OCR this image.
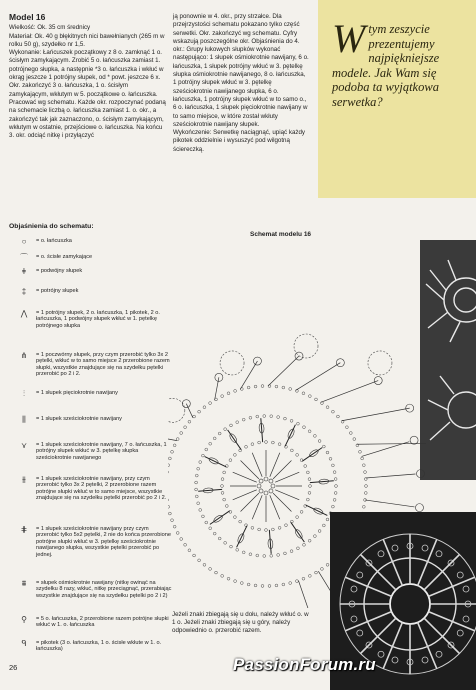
Model 16

Wielkość: Ok. 35 cm średnicy

Materiał: Ok. 40 g błękitnych nici bawełnianych (265 m w rolku 50 g), szydełko nr 1,5.

Wykonanie: Łańcuszek początkowy z 8 o. zamknąć 1 o. ścisłym zamykającym. Zrobić 5 o. łańcuszka zamiast 1. potrójnego słupka, a następnie *3 o. łańcuszka i wkłuć w okrąg jeszcze 1 potrójny słupek, od * powt. jeszcze 6 x. Okr. zakończyć 3 o. łańcuszka, 1 o. ścisłym zamykającym, wkłutym w 5. początkowe o. łańcuszka. Pracować wg schematu. Każde okr. rozpoczynać podaną na schemacie liczbą o. łańcuszka zamiast 1. o. okr., a zakończyć tak jak zaznaczono, o. ścisłym zamykającym, wkłutym w ostatnie, przejściowe o. łańcuszka. Na końcu 3. okr. odciąć nitkę i przyłączyć

ją ponownie w 4. okr., przy strzałce. Dla przejrzystości schematu pokazano tylko część serwetki. Okr. zakończyć wg schematu. Cyfry wskazują poszczególne okr. Objaśnienia do 4. okr.: Grupy łukowych słupków wykonać następująco: 1 słupek ośmiokrotnie nawijany, 6 o. łańcuszka, 1 słupek potrójny wkłuć w 3. pętelkę słupka ośmiokrotnie nawijanego, 8 o. łańcuszka, 1 potrójny słupek wkłuć w 3. pętelkę sześciokrotnie nawijanego słupka, 6 o. łańcuszka, 1 potrójny słupek wkłuć w to samo o., 6 o. łańcuszka, 1 słupek pięciokrotnie nawijany w to samo miejsce, w które został wkłuty sześciokrotnie nawijany słupek.

Wykończenie: Serwetkę naciągnąć, upiąć każdy pikotek oddzielnie i wysuszyć pod wilgotną ściereczką.

W tym zeszycie prezentujemy najpiękniejsze modele. Jak Wam się podoba ta wyjątkowa serwetka?
Objaśnienia do schematu:
○	= o. łańcuszka
⌒	= o. ścisłe zamykające
ǂ	= podwójny słupek
‡	= potrójny słupek
⋀	= 1 potrójny słupek, 2 o. łańcuszka, 1 pikotek, 2 o. łańcuszka, 1 podwójny słupek wkłuć w 1. pętelkę potrójnego słupka
⋔	= 1 poczwórny słupek, przy czym przerobić tylko 3x 2 pętelki, wkłuć w to samo miejsce 2 przerobione razem słupki, wszystkie znajdujące się na szydełku pętelki przerobić po 2 i 2.
⫶	= 1 słupek pięciokrotnie nawijany
⫼	= 1 słupek sześciokrotnie nawijany
⋎	= 1 słupek sześciokrotnie nawijany, 7 o. łańcuszka, 1 potrójny słupek wkłuć w 3. pętelkę słupka sześciokrotnie nawijanego
⫵	= 1 słupek sześciokrotnie nawijany, przy czym przerobić tylko 3x 2 pętelki, 2 przerobione razem potrójne słupki wkłuć w to samo miejsce, wszystkie znajdujące się na szydełku pętelki przerobić po 2 i 2.
⋕	= 1 słupek sześciokrotnie nawijany przy czym przerobić tylko 5x2 pętelki, 2 nie do końca przerobione potrójne słupki wkłuć w 3. pętelkę sześciokrotnie nawijanego słupka, wszystkie pętelki przerobić po jednej.
⩩	= słupek ośmiokrotnie nawijany (nitkę owinąć na szydełku 8 razy, wkłuć, nitkę przeciągnąć, przerabiając wszystkie znajdujące się na szydełku pętelki po 2 i 2)
⚲	= 5 o. łańcuszka, 2 przerobione razem potrójne słupki wkłuć w 1. o. łańcuszka
ᑫ	= pikotek (3 o. łańcuszka, 1 o. ścisłe wkłute w 1. o. łańcuszka)
Schemat modelu 16
Jeżeli znaki zbiegają się u dołu, należy wkłuć o. w 1 o. Jeżeli znaki zbiegają się u góry, należy odpowiednio o. przerobić razem.
26	PassionForum.ru
